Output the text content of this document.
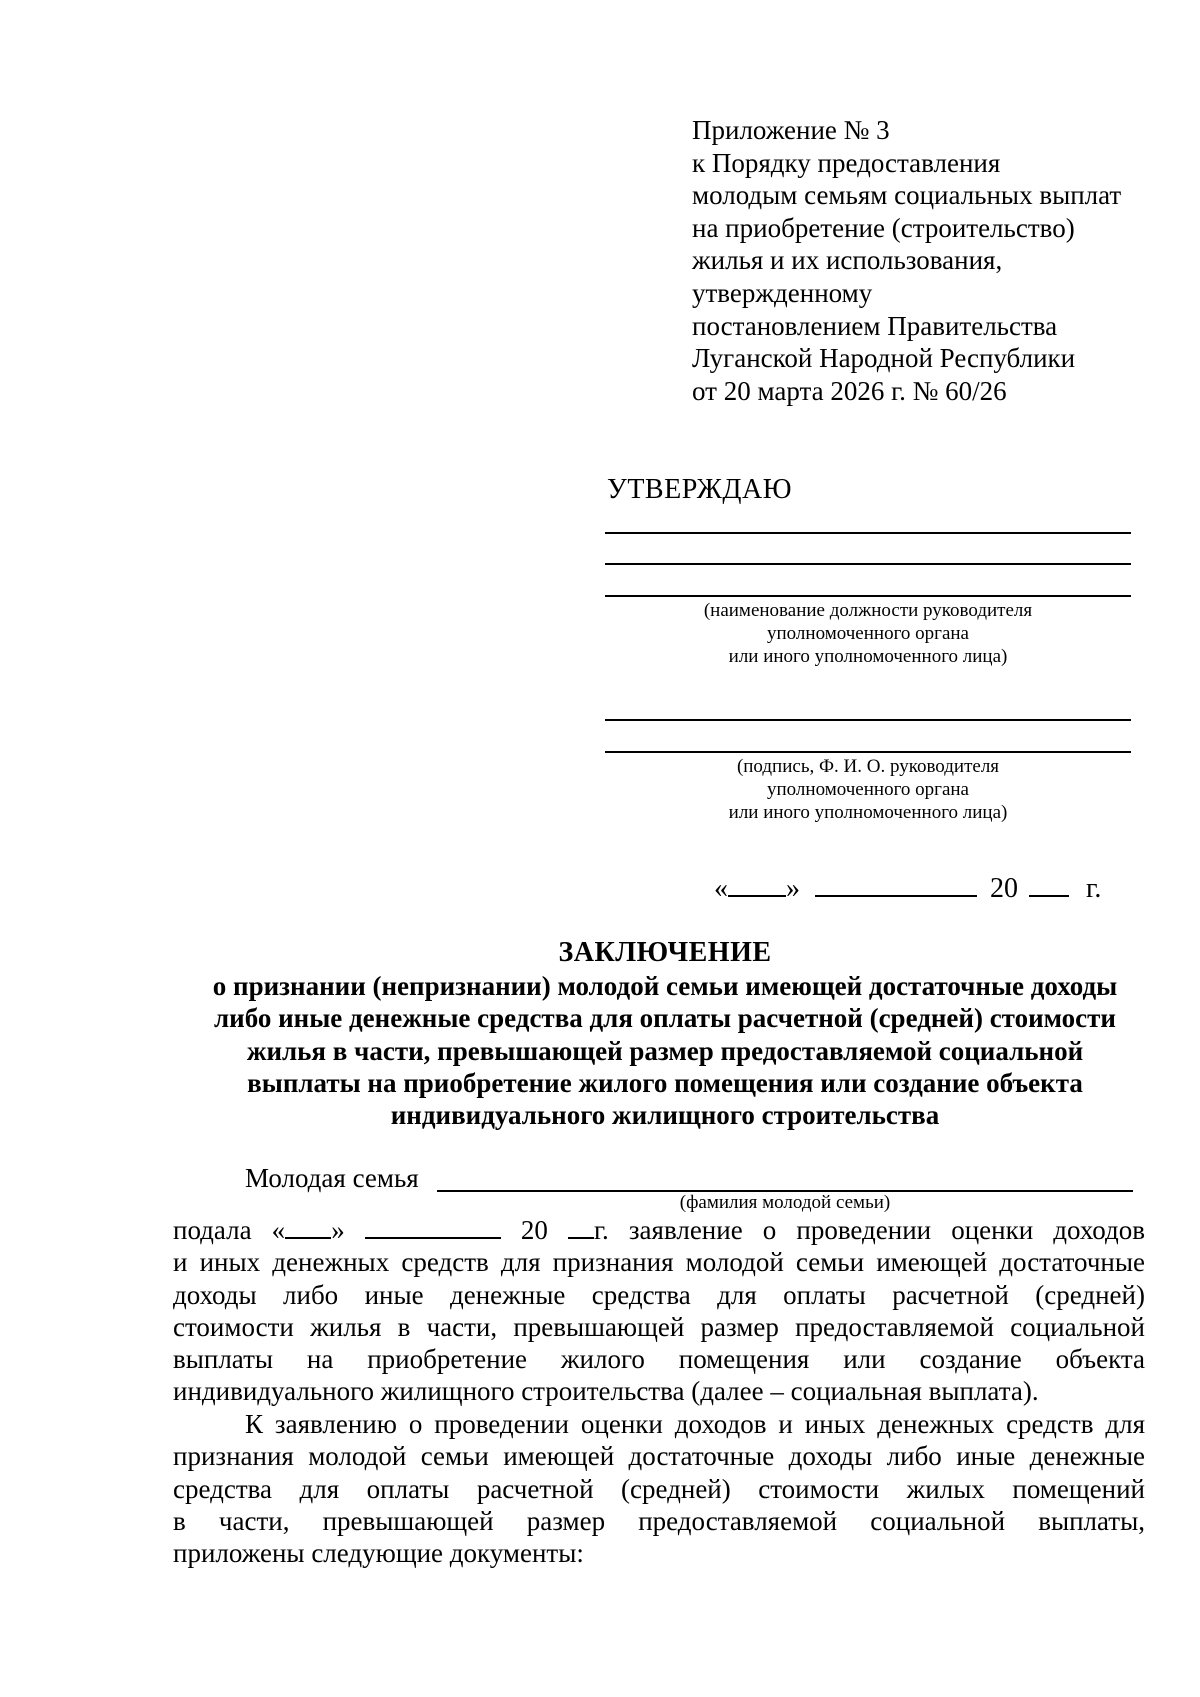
Приложение № 3
к Порядку предоставления
молодым семьям социальных выплат
на приобретение (строительство)
жилья и их использования,
утвержденному
постановлением Правительства
Луганской Народной Республики
от 20 марта 2026 г. № 60/26
УТВЕРЖДАЮ
(наименование должности руководителя
уполномоченного органа
или иного уполномоченного лица)
(подпись, Ф. И. О. руководителя
уполномоченного органа
или иного уполномоченного лица)
« »	20 г.
ЗАКЛЮЧЕНИЕ
о признании (непризнании) молодой семьи имеющей достаточные доходы
либо иные денежные средства для оплаты расчетной (средней) стоимости
жилья в части, превышающей размер предоставляемой социальной
выплаты на приобретение жилого помещения или создание объекта
индивидуального жилищного строительства
Молодая семья
(фамилия молодой семьи)
подала « »	20 г. заявление о проведении оценки доходов
и иных денежных средств для признания молодой семьи имеющей достаточные
доходы либо иные денежные средства для оплаты расчетной (средней)
стоимости жилья в части, превышающей размер предоставляемой социальной
выплаты на приобретение жилого помещения или создание объекта
индивидуального жилищного строительства (далее – социальная выплата).
К заявлению о проведении оценки доходов и иных денежных средств для
признания молодой семьи имеющей достаточные доходы либо иные денежные
средства для оплаты расчетной (средней) стоимости жилых помещений
в части, превышающей размер предоставляемой социальной выплаты,
приложены следующие документы:
